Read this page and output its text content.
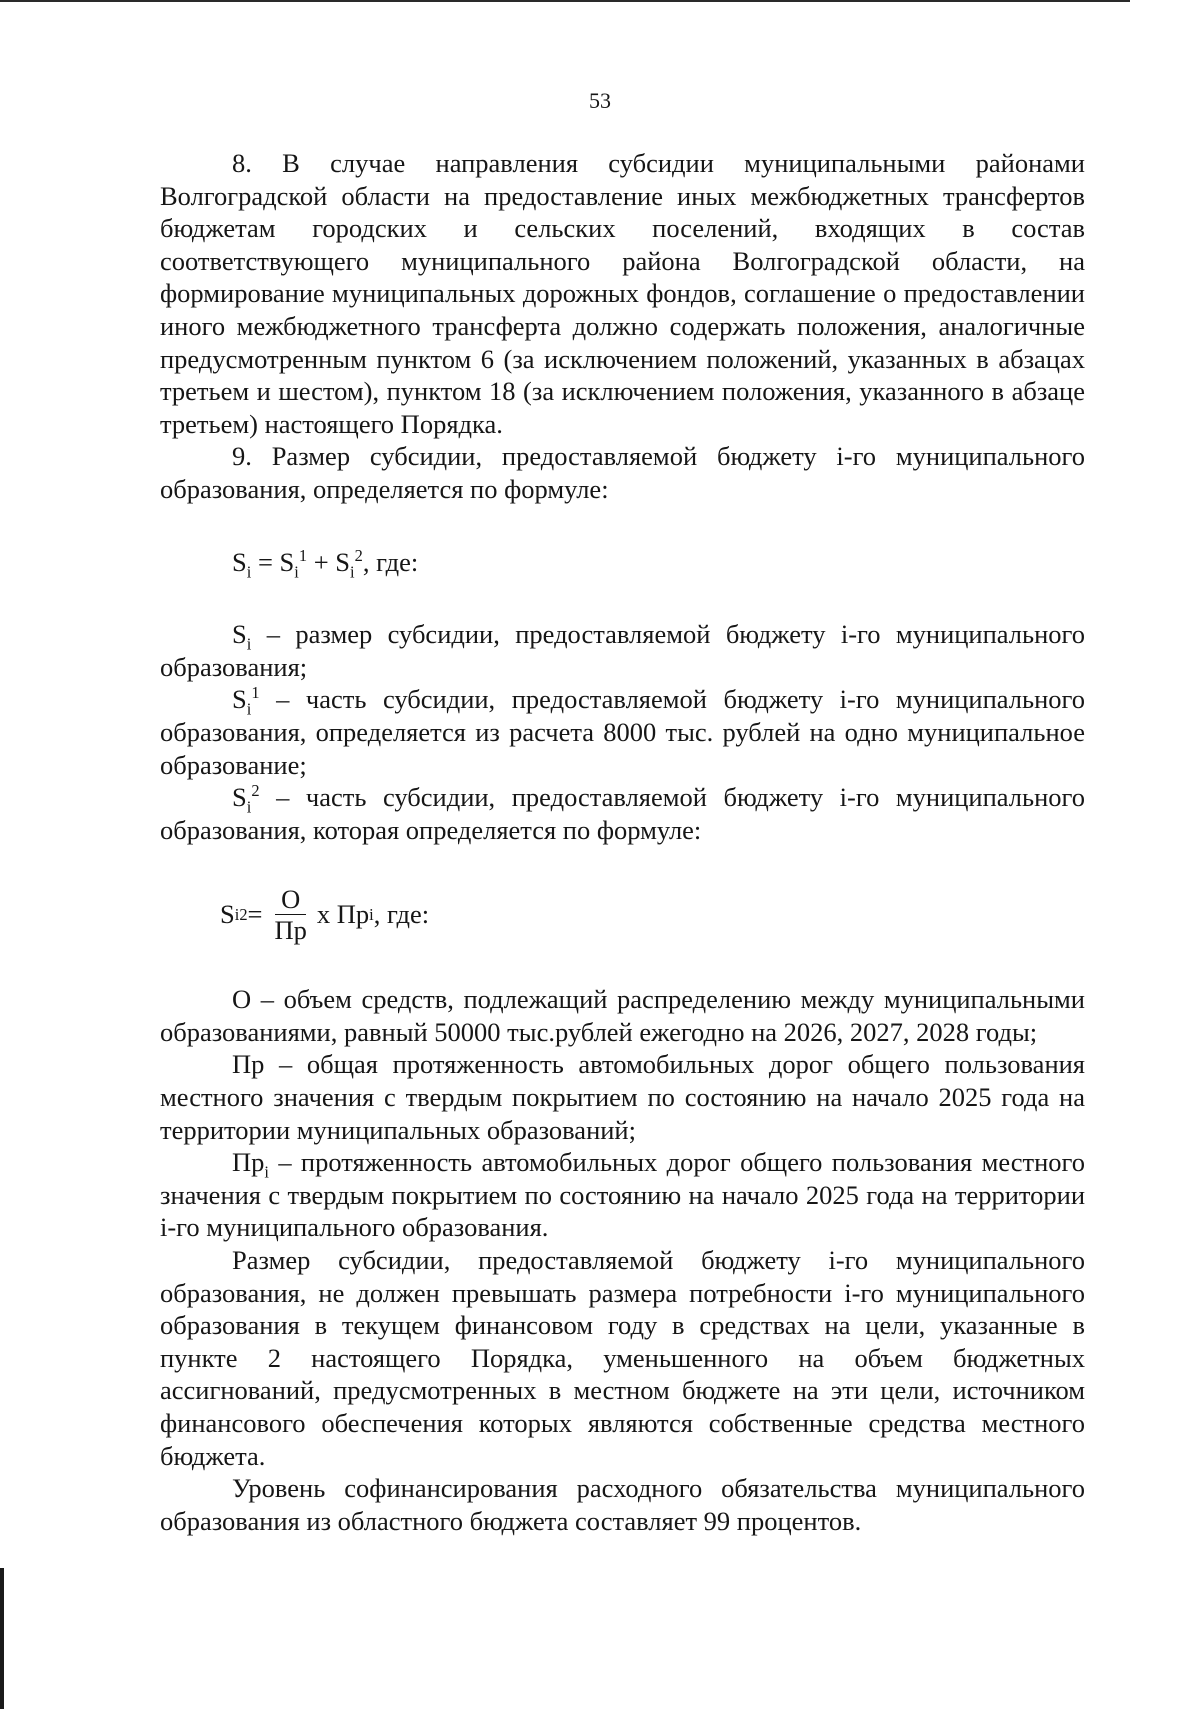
53

8. В случае направления субсидии муниципальными районами Волгоградской области на предоставление иных межбюджетных трансфертов бюджетам городских и сельских поселений, входящих в состав соответствующего муниципального района Волгоградской области, на формирование муниципальных дорожных фондов, соглашение о предоставлении иного межбюджетного трансферта должно содержать положения, аналогичные предусмотренным пунктом 6 (за исключением положений, указанных в абзацах третьем и шестом), пунктом 18 (за исключением положения, указанного в абзаце третьем) настоящего Порядка.

9. Размер субсидии, предоставляемой бюджету i-го муниципального образования, определяется по формуле:

$S_i = S_i^1 + S_i^2$, где:

$S_i$ – размер субсидии, предоставляемой бюджету i-го муниципального образования;

$S_i^1$ – часть субсидии, предоставляемой бюджету i-го муниципального образования, определяется из расчета 8000 тыс. рублей на одно муниципальное образование;

$S_i^2$ – часть субсидии, предоставляемой бюджету i-го муниципального образования, которая определяется по формуле:

S i $2 = \frac{О}{Пр}$ х Пр i , где:

О – объем средств, подлежащий распределению между муниципальными образованиями, равный 50000 тыс.рублей ежегодно на 2026, 2027, 2028 годы;

Пр – общая протяженность автомобильных дорог общего пользования местного значения с твердым покрытием по состоянию на начало 2025 года на территории муниципальных образований;

$Пр_i$ – протяженность автомобильных дорог общего пользования местного значения с твердым покрытием по состоянию на начало 2025 года на территории i-го муниципального образования.

Размер субсидии, предоставляемой бюджету i-го муниципального образования, не должен превышать размера потребности i-го муниципального образования в текущем финансовом году в средствах на цели, указанные в пункте 2 настоящего Порядка, уменьшенного на объем бюджетных ассигнований, предусмотренных в местном бюджете на эти цели, источником финансового обеспечения которых являются собственные средства местного бюджета.

Уровень софинансирования расходного обязательства муниципального образования из областного бюджета составляет 99 процентов.
